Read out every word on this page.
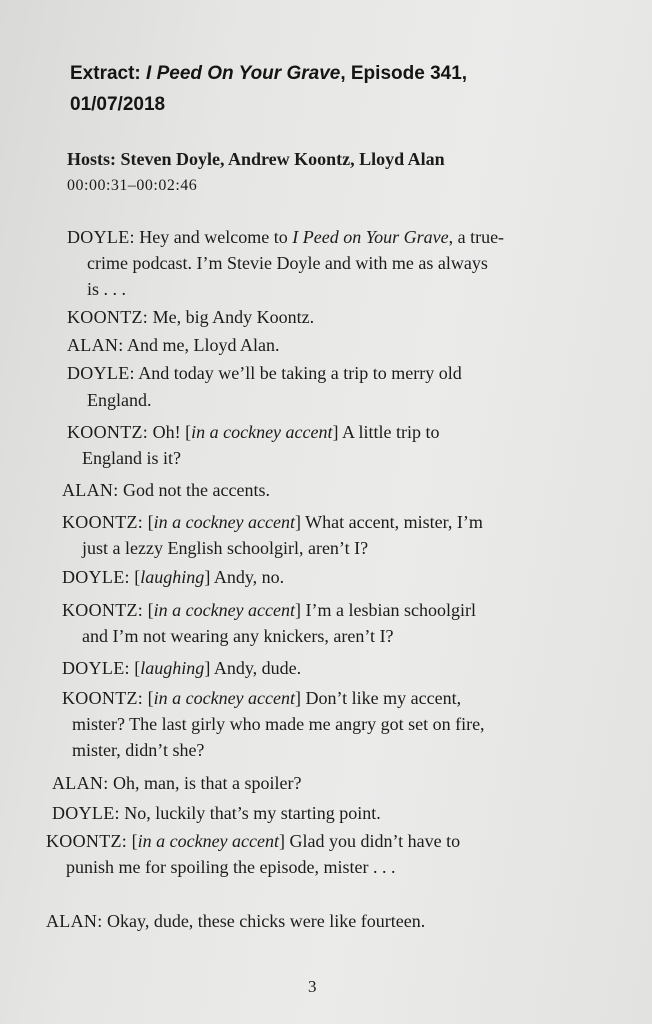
Extract: I Peed On Your Grave, Episode 341,
01/07/2018
Hosts: Steven Doyle, Andrew Koontz, Lloyd Alan
00:00:31–00:02:46
DOYLE: Hey and welcome to I Peed on Your Grave, a true-
crime podcast. I’m Stevie Doyle and with me as always
is . . .
KOONTZ: Me, big Andy Koontz.
ALAN: And me, Lloyd Alan.
DOYLE: And today we’ll be taking a trip to merry old
England.
KOONTZ: Oh! [in a cockney accent] A little trip to
England is it?
ALAN: God not the accents.
KOONTZ: [in a cockney accent] What accent, mister, I’m
just a lezzy English schoolgirl, aren’t I?
DOYLE: [laughing] Andy, no.
KOONTZ: [in a cockney accent] I’m a lesbian schoolgirl
and I’m not wearing any knickers, aren’t I?
DOYLE: [laughing] Andy, dude.
KOONTZ: [in a cockney accent] Don’t like my accent,
mister? The last girly who made me angry got set on fire,
mister, didn’t she?
ALAN: Oh, man, is that a spoiler?
DOYLE: No, luckily that’s my starting point.
KOONTZ: [in a cockney accent] Glad you didn’t have to
punish me for spoiling the episode, mister . . .
ALAN: Okay, dude, these chicks were like fourteen.
3
